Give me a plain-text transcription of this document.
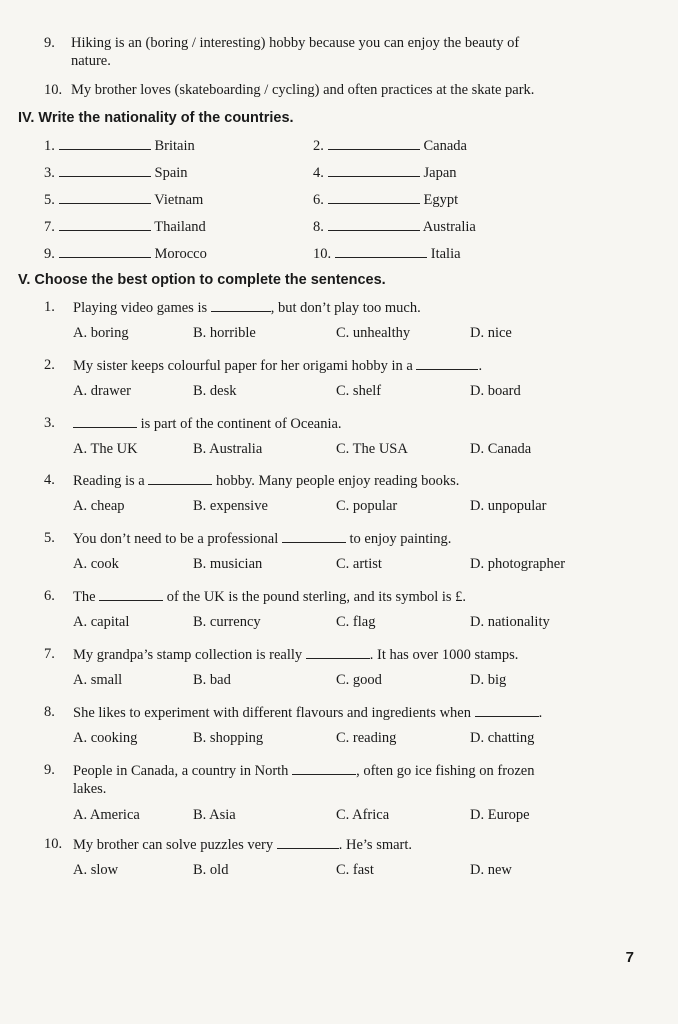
9. Hiking is an (boring / interesting) hobby because you can enjoy the beauty of
nature.
10. My brother loves (skateboarding / cycling) and often practices at the skate park.
IV. Write the nationality of the countries.
1.	Britain	2.	Canada
3.	Spain	4.	Japan
5.	Vietnam	6.	Egypt
7.	Thailand	8.	Australia
9.	Morocco	10.	Italia
V. Choose the best option to complete the sentences.
1. Playing video games is	, but don’t play too much.
A. boring	B. horrible	C. unhealthy	D. nice
2. My sister keeps colourful paper for her origami hobby in a	.
A. drawer	B. desk	C. shelf	D. board
3.	is part of the continent of Oceania.
A. The UK	B. Australia	C. The USA	D. Canada
4. Reading is a	hobby. Many people enjoy reading books.
A. cheap	B. expensive	C. popular	D. unpopular
5. You don’t need to be a professional	to enjoy painting.
A. cook	B. musician	C. artist	D. photographer
6. The	of the UK is the pound sterling, and its symbol is £.
A. capital	B. currency	C. flag	D. nationality
7. My grandpa’s stamp collection is really	. It has over 1000 stamps.
A. small	B. bad	C. good	D. big
8. She likes to experiment with different flavours and ingredients when	.
A. cooking	B. shopping	C. reading	D. chatting
9. People in Canada, a country in North	, often go ice fishing on frozen
lakes.
A. America	B. Asia	C. Africa	D. Europe
10. My brother can solve puzzles very	. He’s smart.
A. slow	B. old	C. fast	D. new
7
